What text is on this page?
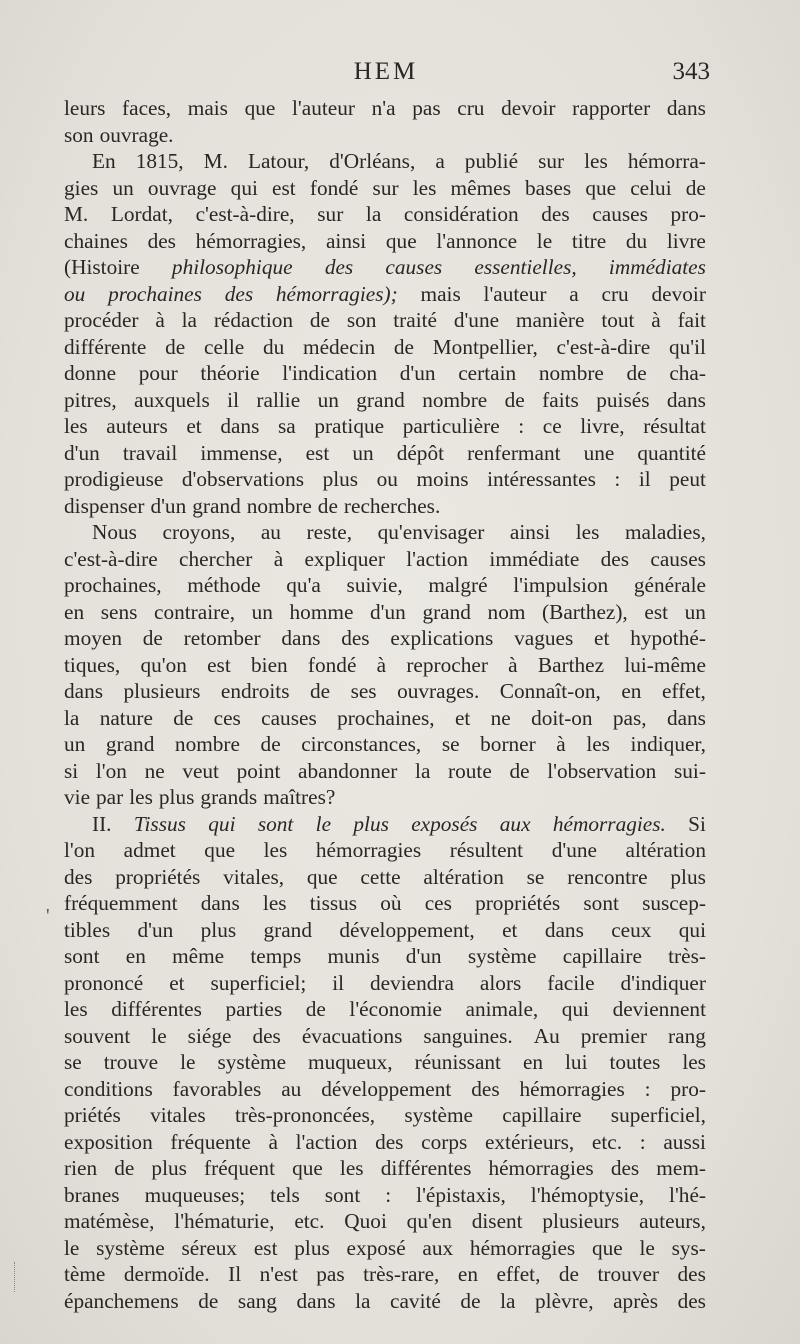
HEM	343
leurs faces, mais que l'auteur n'a pas cru devoir rapporter dans
son ouvrage.
En 1815, M. Latour, d'Orléans, a publié sur les hémorra-
gies un ouvrage qui est fondé sur les mêmes bases que celui de
M. Lordat, c'est-à-dire, sur la considération des causes pro-
chaines des hémorragies, ainsi que l'annonce le titre du livre
(Histoire philosophique des causes essentielles, immédiates
ou prochaines des hémorragies); mais l'auteur a cru devoir
procéder à la rédaction de son traité d'une manière tout à fait
différente de celle du médecin de Montpellier, c'est-à-dire qu'il
donne pour théorie l'indication d'un certain nombre de cha-
pitres, auxquels il rallie un grand nombre de faits puisés dans
les auteurs et dans sa pratique particulière : ce livre, résultat
d'un travail immense, est un dépôt renfermant une quantité
prodigieuse d'observations plus ou moins intéressantes : il peut
dispenser d'un grand nombre de recherches.
Nous croyons, au reste, qu'envisager ainsi les maladies,
c'est-à-dire chercher à expliquer l'action immédiate des causes
prochaines, méthode qu'a suivie, malgré l'impulsion générale
en sens contraire, un homme d'un grand nom (Barthez), est un
moyen de retomber dans des explications vagues et hypothé-
tiques, qu'on est bien fondé à reprocher à Barthez lui-même
dans plusieurs endroits de ses ouvrages. Connaît-on, en effet,
la nature de ces causes prochaines, et ne doit-on pas, dans
un grand nombre de circonstances, se borner à les indiquer,
si l'on ne veut point abandonner la route de l'observation sui-
vie par les plus grands maîtres?
II. Tissus qui sont le plus exposés aux hémorragies. Si
l'on admet que les hémorragies résultent d'une altération
des propriétés vitales, que cette altération se rencontre plus
fréquemment dans les tissus où ces propriétés sont suscep-
tibles d'un plus grand développement, et dans ceux qui
sont en même temps munis d'un système capillaire très-
prononcé et superficiel; il deviendra alors facile d'indiquer
les différentes parties de l'économie animale, qui deviennent
souvent le siége des évacuations sanguines. Au premier rang
se trouve le système muqueux, réunissant en lui toutes les
conditions favorables au développement des hémorragies : pro-
priétés vitales très-prononcées, système capillaire superficiel,
exposition fréquente à l'action des corps extérieurs, etc. : aussi
rien de plus fréquent que les différentes hémorragies des mem-
branes muqueuses; tels sont : l'épistaxis, l'hémoptysie, l'hé-
matémèse, l'hématurie, etc. Quoi qu'en disent plusieurs auteurs,
le système séreux est plus exposé aux hémorragies que le sys-
tème dermoïde. Il n'est pas très-rare, en effet, de trouver des
épanchemens de sang dans la cavité de la plèvre, après des
'
